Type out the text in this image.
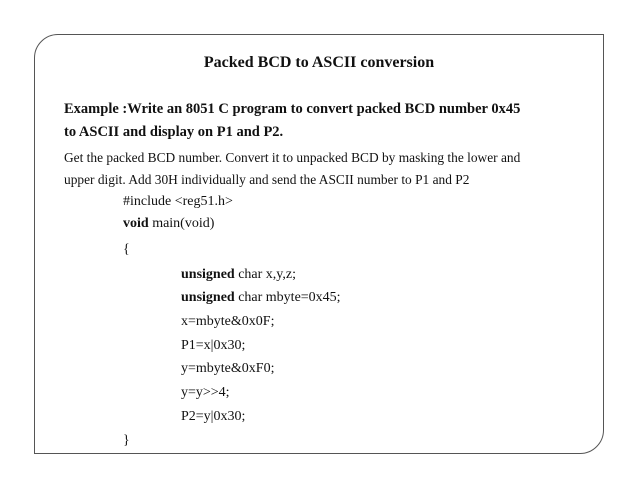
Packed BCD to ASCII conversion
Example :Write an 8051 C program to convert packed BCD number 0x45
to ASCII and display on P1 and P2.
Get the packed BCD number. Convert it to unpacked BCD by masking the lower and
upper digit. Add 30H individually and send the ASCII number to P1 and P2
#include <reg51.h>
void main(void)
{
unsigned char x,y,z;
unsigned char mbyte=0x45;
x=mbyte&0x0F;
P1=x|0x30;
y=mbyte&0xF0;
y=y>>4;
P2=y|0x30;
}
